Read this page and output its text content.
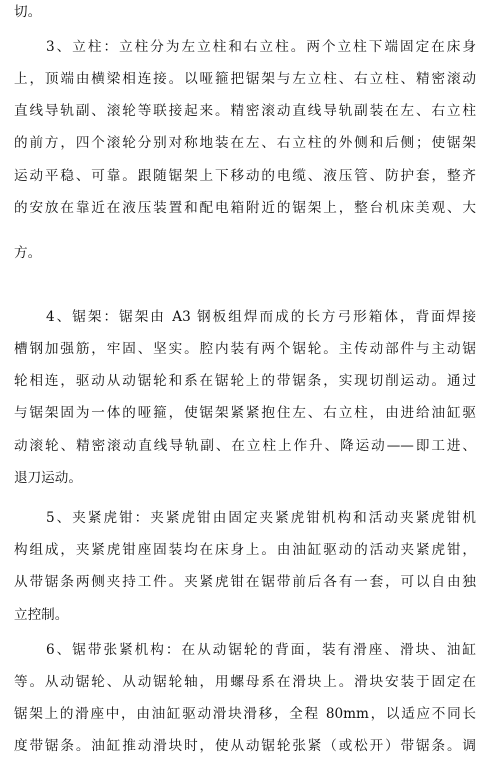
切。
3、立柱：立柱分为左立柱和右立柱。两个立柱下端固定在床身
上，顶端由横梁相连接。以哑箍把锯架与左立柱、右立柱、精密滚动
直线导轨副、滚轮等联接起来。精密滚动直线导轨副装在左、右立柱
的前方，四个滚轮分别对称地装在左、右立柱的外侧和后侧；使锯架
运动平稳、可靠。跟随锯架上下移动的电缆、液压管、防护套，整齐
的安放在靠近在液压装置和配电箱附近的锯架上，整台机床美观、大
方。
4、锯架：锯架由 A3 钢板组焊而成的长方弓形箱体，背面焊接
槽钢加强筋，牢固、坚实。腔内装有两个锯轮。主传动部件与主动锯
轮相连，驱动从动锯轮和系在锯轮上的带锯条，实现切削运动。通过
与锯架固为一体的哑箍，使锯架紧紧抱住左、右立柱，由进给油缸驱
动滚轮、精密滚动直线导轨副、在立柱上作升、降运动——即工进、
退刀运动。
5、夹紧虎钳：夹紧虎钳由固定夹紧虎钳机构和活动夹紧虎钳机
构组成，夹紧虎钳座固装均在床身上。由油缸驱动的活动夹紧虎钳，
从带锯条两侧夹持工件。夹紧虎钳在锯带前后各有一套，可以自由独
立控制。
6、锯带张紧机构：在从动锯轮的背面，装有滑座、滑块、油缸
等。从动锯轮、从动锯轮轴，用螺母系在滑块上。滑块安装于固定在
锯架上的滑座中，由油缸驱动滑块滑移，全程 80mm，以适应不同长
度带锯条。油缸推动滑块时，使从动锯轮张紧（或松开）带锯条。调
